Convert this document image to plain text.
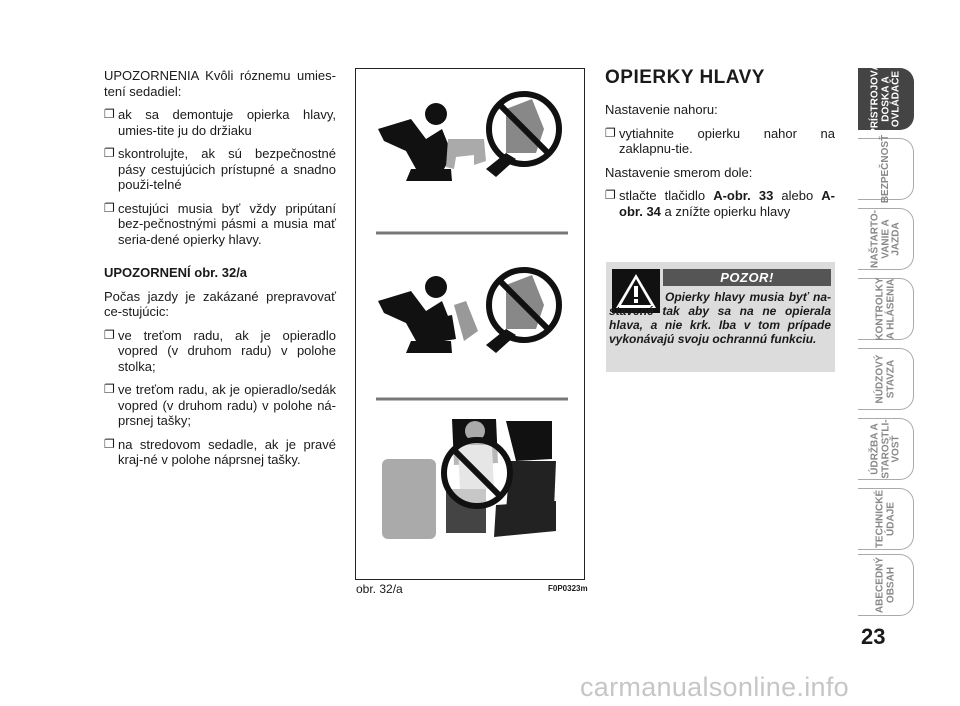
UPOZORNENIA Kvôli róznemu umies-tení sedadiel:

❐ ak sa demontuje opierka hlavy, umies-tite ju do držiaku
❐ skontrolujte, ak sú bezpečnostné pásy cestujúcich prístupné a snadno použi-telné
❐ cestujúci musia byť vždy pripútaní bez-pečnostnými pásmi a musia mať seria-dené opierky hlavy.

UPOZORNENÍ obr. 32/a

Počas jazdy je zakázané prepravovať ce-stujúcic:

❐ ve treťom radu, ak je opieradlo vopred (v druhom radu) v polohe stolka;
❐ ve treťom radu, ak je opieradlo/sedák vopred (v druhom radu) v polohe ná-prsnej tašky;
❐ na stredovom sedadle, ak je pravé kraj-né v polohe náprsnej tašky.
obr. 32/a	F0P0323m
OPIERKY HLAVY

Nastavenie nahoru:

❐ vytiahnite opierku nahor na zaklapnu-tie.

Nastavenie smerom dole:

❐ stlačte tlačidlo A-obr. 33 alebo A-obr. 34 a znížte opierku hlavy
POZOR!
Opierky hlavy musia byť na-stavené tak aby sa na ne opierala hlava, a nie krk. Iba v tom prípade vykonávajú svoju ochrannú funkciu.
PRÍSTROJOVÁ
DOSKA A
OVLÁDAČE
BEZPEČNOSŤ
NAŠTARTO-
VANIE A
JAZDA
KONTROLKY
A HLÁSENIA
NÚDZOVÝ
STAVZA
ÚDRŽBA A
STAROSTLI-
VOSŤ
TECHNICKÉ
ÚDAJE
ABECEDNÝ
OBSAH
23
carmanualsonline.info
